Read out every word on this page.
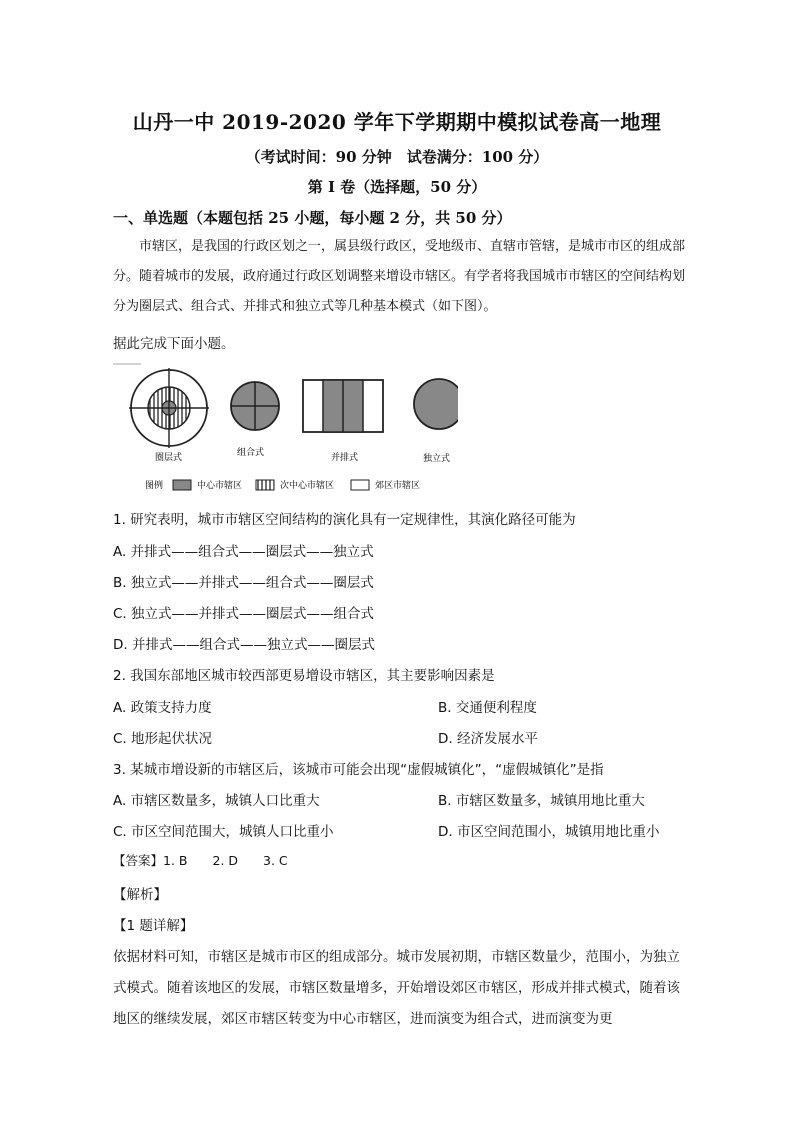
山丹一中 2019-2020 学年下学期期中模拟试卷高一地理
（考试时间：90 分钟　试卷满分：100 分）
第 I 卷（选择题，50 分）
一、单选题（本题包括 25 小题，每小题 2 分，共 50 分）
市辖区，是我国的行政区划之一，属县级行政区，受地级市、直辖市管辖，是城市市区的组成部分。随着城市的发展，政府通过行政区划调整来增设市辖区。有学者将我国城市市辖区的空间结构划分为圈层式、组合式、并排式和独立式等几种基本模式（如下图）。
据此完成下面小题。
圈层式	组合式	并排式	独立式
图例	中心市辖区	次中心市辖区	郊区市辖区
1. 研究表明，城市市辖区空间结构的演化具有一定规律性，其演化路径可能为
A. 并排式——组合式——圈层式——独立式
B. 独立式——并排式——组合式——圈层式
C. 独立式——并排式——圈层式——组合式
D. 并排式——组合式——独立式——圈层式
2. 我国东部地区城市较西部更易增设市辖区，其主要影响因素是
A. 政策支持力度	B. 交通便利程度
C. 地形起伏状况	D. 经济发展水平
3. 某城市增设新的市辖区后，该城市可能会出现“虚假城镇化”，“虚假城镇化”是指
A. 市辖区数量多，城镇人口比重大	B. 市辖区数量多，城镇用地比重大
C. 市区空间范围大，城镇人口比重小	D. 市区空间范围小，城镇用地比重小
【答案】1. B　　2. D　　3. C
【解析】
【1 题详解】
依据材料可知，市辖区是城市市区的组成部分。城市发展初期，市辖区数量少，范围小，为独立式模式。随着该地区的发展，市辖区数量增多，开始增设郊区市辖区，形成并排式模式，随着该地区的继续发展，郊区市辖区转变为中心市辖区，进而演变为组合式，进而演变为更
